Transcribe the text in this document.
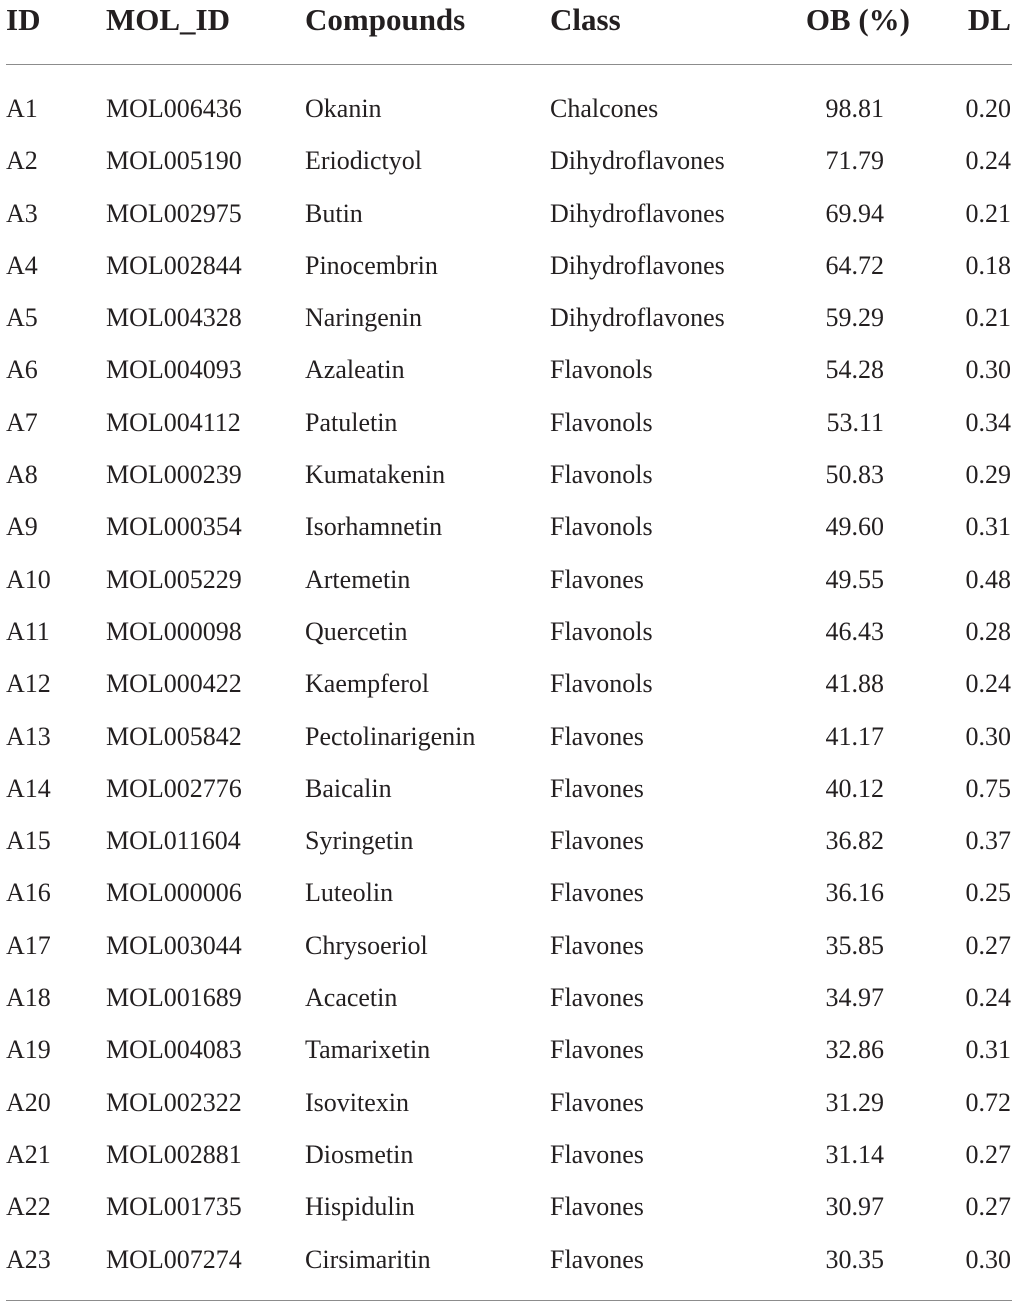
ID MOL_ID Compounds	Class	OB (%) DL
A1	MOL006436 Okanin	Chalcones	98.81	0.20
A2	MOL005190 Eriodictyol	Dihydroflavones	71.79	0.24
A3	MOL002975 Butin	Dihydroflavones	69.94	0.21
A4	MOL002844 Pinocembrin	Dihydroflavones	64.72	0.18
A5	MOL004328 Naringenin	Dihydroflavones	59.29	0.21
A6	MOL004093 Azaleatin	Flavonols	54.28	0.30
A7	MOL004112 Patuletin	Flavonols	53.11	0.34
A8	MOL000239 Kumatakenin	Flavonols	50.83	0.29
A9	MOL000354 Isorhamnetin	Flavonols	49.60	0.31
A10 MOL005229 Artemetin	Flavones	49.55	0.48
A11 MOL000098 Quercetin	Flavonols	46.43	0.28
A12 MOL000422 Kaempferol	Flavonols	41.88	0.24
A13 MOL005842 Pectolinarigenin	Flavones	41.17	0.30
A14 MOL002776 Baicalin	Flavones	40.12	0.75
A15 MOL011604 Syringetin	Flavones	36.82	0.37
A16 MOL000006 Luteolin	Flavones	36.16	0.25
A17 MOL003044 Chrysoeriol	Flavones	35.85	0.27
A18 MOL001689 Acacetin	Flavones	34.97	0.24
A19 MOL004083 Tamarixetin	Flavones	32.86	0.31
A20 MOL002322 Isovitexin	Flavones	31.29	0.72
A21 MOL002881 Diosmetin	Flavones	31.14	0.27
A22 MOL001735 Hispidulin	Flavones	30.97	0.27
A23 MOL007274 Cirsimaritin	Flavones	30.35	0.30
